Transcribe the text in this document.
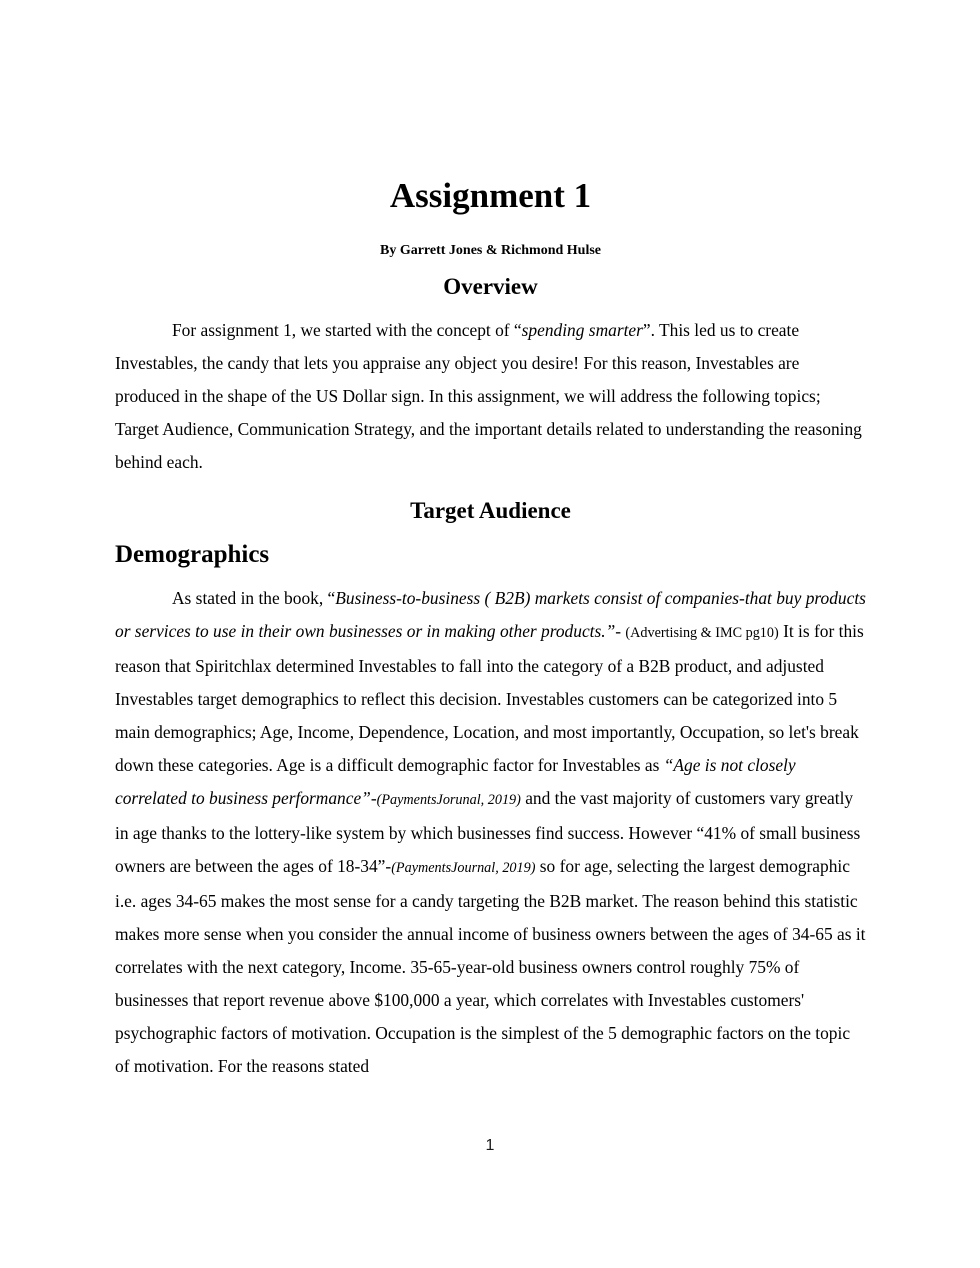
Assignment 1

By Garrett Jones & Richmond Hulse

Overview

For assignment 1, we started with the concept of “spending smarter”. This led us to create Investables, the candy that lets you appraise any object you desire! For this reason, Investables are produced in the shape of the US Dollar sign. In this assignment, we will address the following topics; Target Audience, Communication Strategy, and the important details related to understanding the reasoning behind each.

Target Audience
Demographics

As stated in the book, “Business-to-business ( B2B) markets consist of companies-that buy products or services to use in their own businesses or in making other products.”- (Advertising & IMC pg10) It is for this reason that Spiritchlax determined Investables to fall into the category of a B2B product, and adjusted Investables target demographics to reflect this decision. Investables customers can be categorized into 5 main demographics; Age, Income, Dependence, Location, and most importantly, Occupation, so let's break down these categories. Age is a difficult demographic factor for Investables as “Age is not closely correlated to business performance”-(PaymentsJorunal, 2019) and the vast majority of customers vary greatly in age thanks to the lottery-like system by which businesses find success. However “41% of small business owners are between the ages of 18-34”-(PaymentsJournal, 2019) so for age, selecting the largest demographic i.e. ages 34-65 makes the most sense for a candy targeting the B2B market. The reason behind this statistic makes more sense when you consider the annual income of business owners between the ages of 34-65 as it correlates with the next category, Income. 35-65-year-old business owners control roughly 75% of businesses that report revenue above $100,000 a year, which correlates with Investables customers' psychographic factors of motivation. Occupation is the simplest of the 5 demographic factors on the topic of motivation. For the reasons stated

1
